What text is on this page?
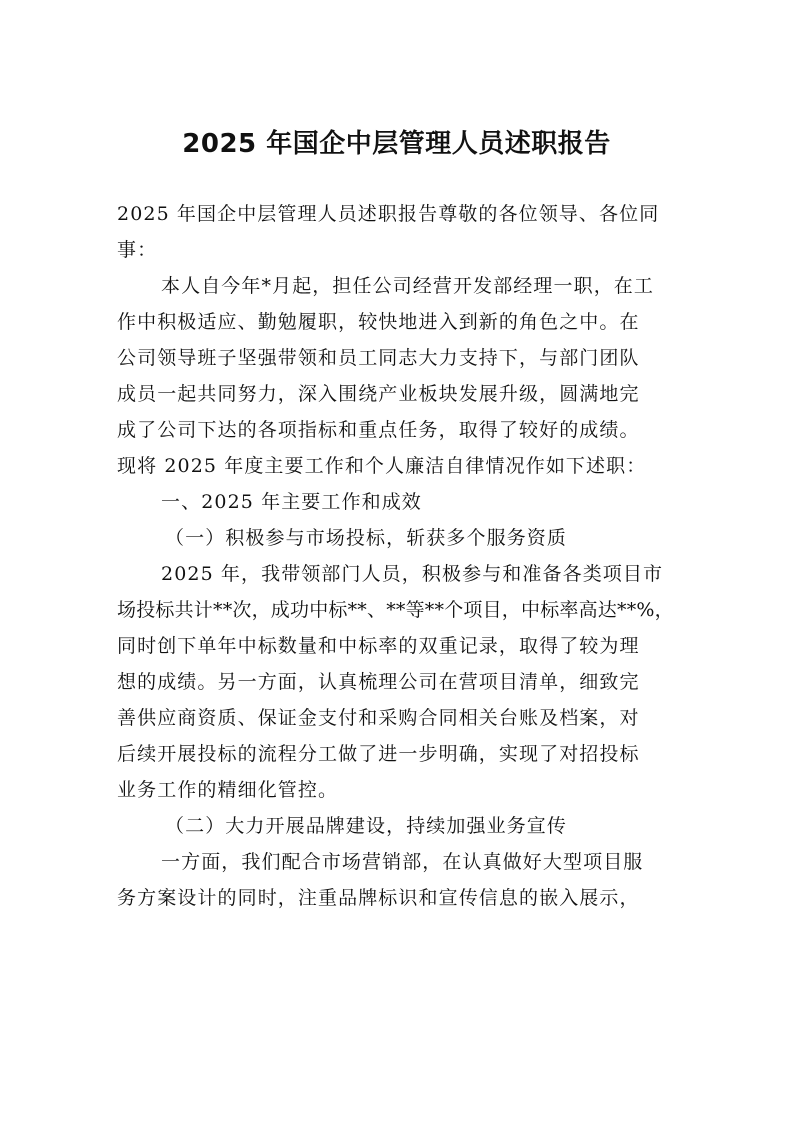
2025 年国企中层管理人员述职报告
2025 年国企中层管理人员述职报告尊敬的各位领导、各位同
事：
本人自今年*月起，担任公司经营开发部经理一职，在工
作中积极适应、勤勉履职，较快地进入到新的角色之中。在
公司领导班子坚强带领和员工同志大力支持下，与部门团队
成员一起共同努力，深入围绕产业板块发展升级，圆满地完
成了公司下达的各项指标和重点任务，取得了较好的成绩。
现将 2025 年度主要工作和个人廉洁自律情况作如下述职：
一、2025 年主要工作和成效
（一）积极参与市场投标，斩获多个服务资质
2025 年，我带领部门人员，积极参与和准备各类项目市
场投标共计**次，成功中标**、**等**个项目，中标率高达**%，
同时创下单年中标数量和中标率的双重记录，取得了较为理
想的成绩。另一方面，认真梳理公司在营项目清单，细致完
善供应商资质、保证金支付和采购合同相关台账及档案，对
后续开展投标的流程分工做了进一步明确，实现了对招投标
业务工作的精细化管控。
（二）大力开展品牌建设，持续加强业务宣传
一方面，我们配合市场营销部，在认真做好大型项目服
务方案设计的同时，注重品牌标识和宣传信息的嵌入展示，
